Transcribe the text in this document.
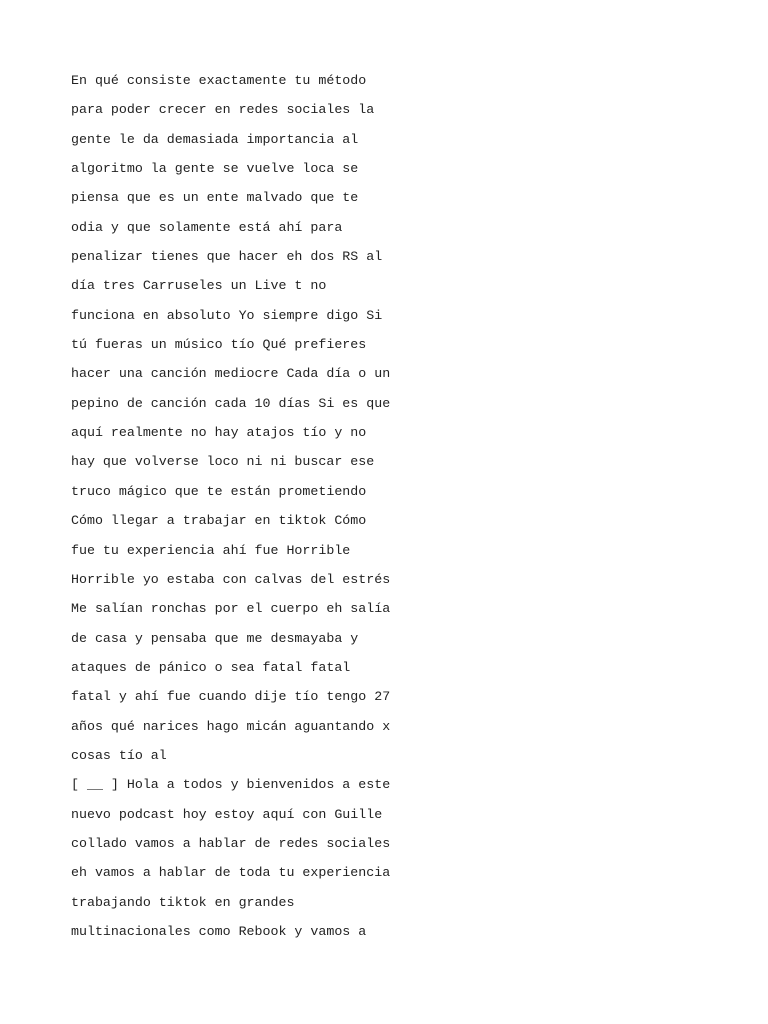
En qué consiste exactamente tu método
para poder crecer en redes sociales la
gente le da demasiada importancia al
algoritmo la gente se vuelve loca se
piensa que es un ente malvado que te
odia y que solamente está ahí para
penalizar tienes que hacer eh dos RS al
día tres Carruseles un Live t no
funciona en absoluto Yo siempre digo Si
tú fueras un músico tío Qué prefieres
hacer una canción mediocre Cada día o un
pepino de canción cada 10 días Si es que
aquí realmente no hay atajos tío y no
hay que volverse loco ni ni buscar ese
truco mágico que te están prometiendo
Cómo llegar a trabajar en tiktok Cómo
fue tu experiencia ahí fue Horrible
Horrible yo estaba con calvas del estrés
Me salían ronchas por el cuerpo eh salía
de casa y pensaba que me desmayaba y
ataques de pánico o sea fatal fatal
fatal y ahí fue cuando dije tío tengo 27
años qué narices hago micán aguantando x
cosas tío al
[ __ ] Hola a todos y bienvenidos a este
nuevo podcast hoy estoy aquí con Guille
collado vamos a hablar de redes sociales
eh vamos a hablar de toda tu experiencia
trabajando tiktok en grandes
multinacionales como Rebook y vamos a
